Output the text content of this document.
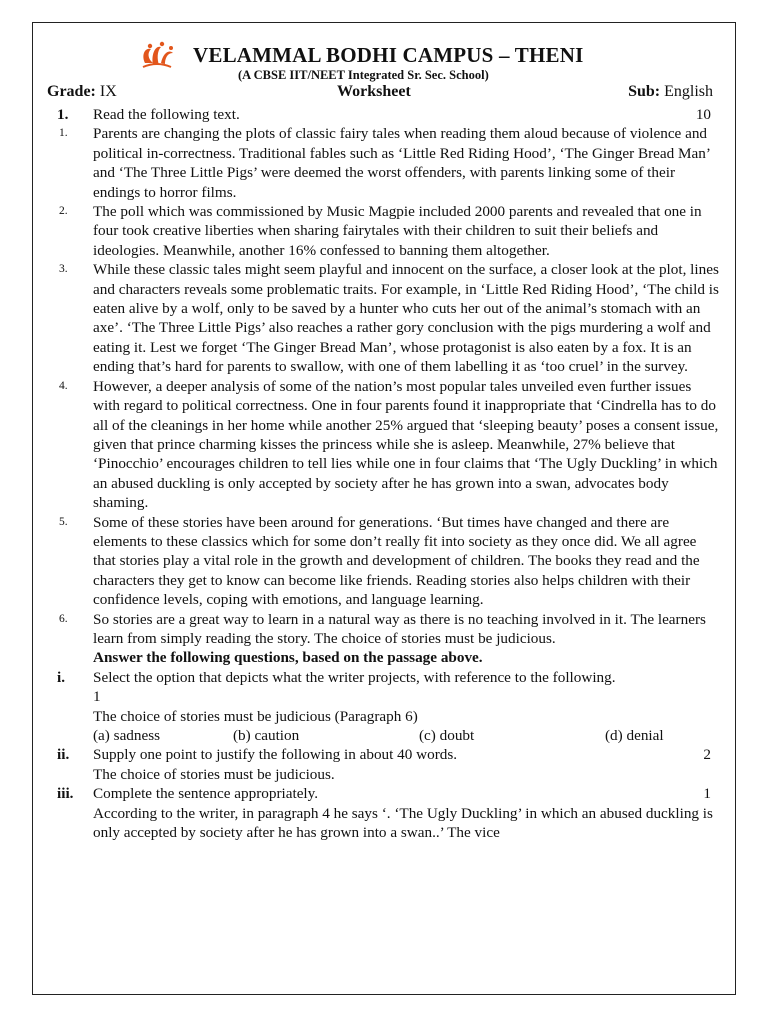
VELAMMAL BODHI CAMPUS – THENI
(A CBSE IIT/NEET Integrated Sr. Sec. School)
Grade: IX	Worksheet	Sub: English
1. Read the following text.	10
1. Parents are changing the plots of classic fairy tales when reading them aloud because of violence and political in-correctness. Traditional fables such as ‘Little Red Riding Hood’, ‘The Ginger Bread Man’ and ‘The Three Little Pigs’ were deemed the worst offenders, with parents linking some of their endings to horror films.

2. The poll which was commissioned by Music Magpie included 2000 parents and revealed that one in four took creative liberties when sharing fairytales with their children to suit their beliefs and ideologies. Meanwhile, another 16% confessed to banning them altogether.

3. While these classic tales might seem playful and innocent on the surface, a closer look at the plot, lines and characters reveals some problematic traits. For example, in ‘Little Red Riding Hood’, ‘The child is eaten alive by a wolf, only to be saved by a hunter who cuts her out of the animal’s stomach with an axe’. ‘The Three Little Pigs’ also reaches a rather gory conclusion with the pigs murdering a wolf and eating it. Lest we forget ‘The Ginger Bread Man’, whose protagonist is also eaten by a fox. It is an ending that’s hard for parents to swallow, with one of them labelling it as ‘too cruel’ in the survey.

4. However, a deeper analysis of some of the nation’s most popular tales unveiled even further issues with regard to political correctness. One in four parents found it inappropriate that ‘Cindrella has to do all of the cleanings in her home while another 25% argued that ‘sleeping beauty’ poses a consent issue, given that prince charming kisses the princess while she is asleep. Meanwhile, 27% believe that ‘Pinocchio’ encourages children to tell lies while one in four claims that ‘The Ugly Duckling’ in which an abused duckling is only accepted by society after he has grown into a swan, advocates body shaming.

5. Some of these stories have been around for generations. ‘But times have changed and there are elements to these classics which for some don’t really fit into society as they once did. We all agree that stories play a vital role in the growth and development of children. The books they read and the characters they get to know can become like friends. Reading stories also helps children with their confidence levels, coping with emotions, and language learning.

6. So stories are a great way to learn in a natural way as there is no teaching involved in it. The learners learn from simply reading the story. The choice of stories must be judicious.

Answer the following questions, based on the passage above.
i. Select the option that depicts what the writer projects, with reference to the following.

1

The choice of stories must be judicious (Paragraph 6)

(a) sadness	(b) caution	(c) doubt	(d) denial
ii. Supply one point to justify the following in about 40 words.	2

The choice of stories must be judicious.

iii. Complete the sentence appropriately.	1

According to the writer, in paragraph 4 he says ‘. ‘The Ugly Duckling’ in which an abused duckling is only accepted by society after he has grown into a swan..’ The vice
